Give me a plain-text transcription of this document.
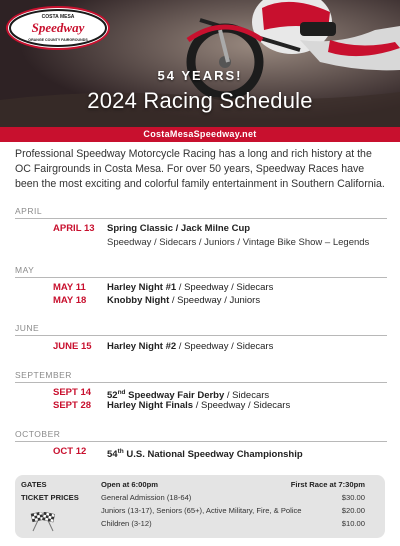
COSTA MESA
Speedway
ORANGE COUNTY FAIRGROUNDS
54 YEARS!
2024 Racing Schedule
CostaMesaSpeedway.net

Professional Speedway Motorcycle Racing has a long and rich history at the OC Fairgrounds in Costa Mesa. For over 50 years, Speedway Races have been the most exciting and colorful family entertainment in Southern California.

APRIL
APRIL 13 Spring Classic / Jack Milne Cup
Speedway / Sidecars / Juniors / Vintage Bike Show – Legends
MAY
MAY 11 Harley Night #1 / Speedway / Sidecars
MAY 18 Knobby Night / Speedway / Juniors
JUNE
JUNE 15 Harley Night #2 / Speedway / Sidecars
SEPTEMBER
SEPT 14 52nd Speedway Fair Derby / Sidecars
SEPT 28 Harley Night Finals / Speedway / Sidecars
OCTOBER
OCT 12 54th U.S. National Speedway Championship
GATES	Open at 6:00pm	First Race at 7:30pm
TICKET PRICES	General Admission (18-64)	$30.00
Juniors (13-17), Seniors (65+), Active Military, Fire, & Police	$20.00
Children (3-12)	$10.00
